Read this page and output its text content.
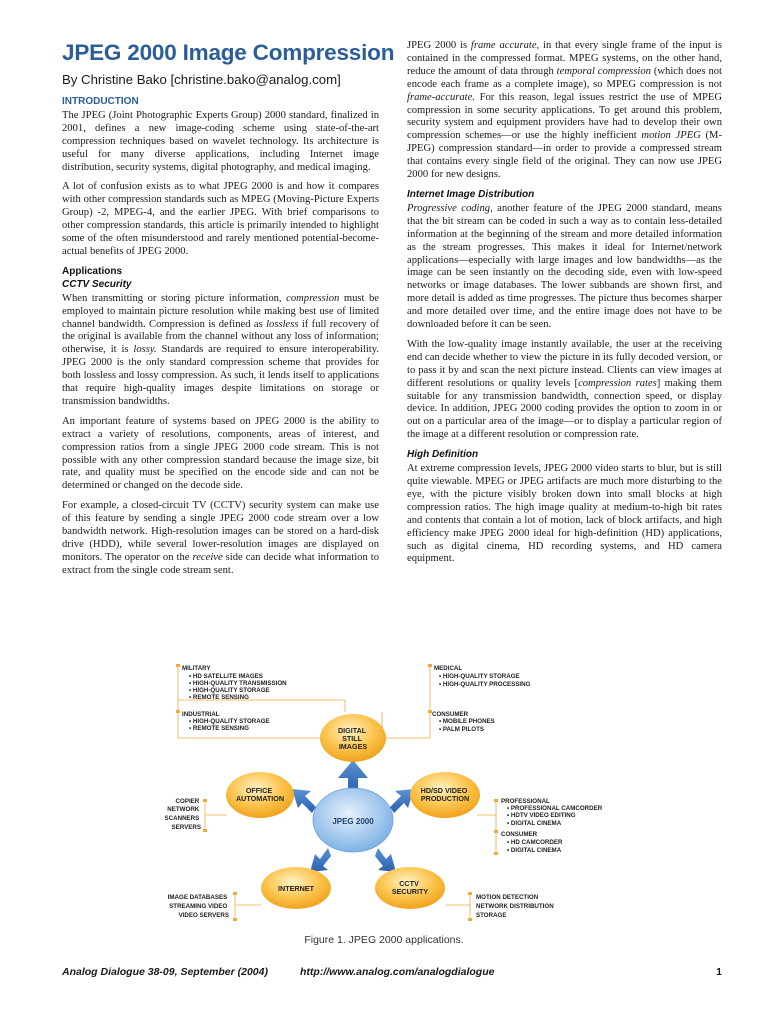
JPEG 2000 Image Compression
By Christine Bako [christine.bako@analog.com]
INTRODUCTION

The JPEG (Joint Photographic Experts Group) 2000 standard, finalized in 2001, defines a new image-coding scheme using state-of-the-art compression techniques based on wavelet technology. Its architecture is useful for many diverse applications, including Internet image distribution, security systems, digital photography, and medical imaging.

A lot of confusion exists as to what JPEG 2000 is and how it compares with other compression standards such as MPEG (Moving-Picture Experts Group) -2, MPEG-4, and the earlier JPEG. With brief comparisons to other compression standards, this article is primarily intended to highlight some of the often misunderstood and rarely mentioned potential-become-actual benefits of JPEG 2000.

Applications
CCTV Security

When transmitting or storing picture information, compression must be employed to maintain picture resolution while making best use of limited channel bandwidth. Compression is defined as lossless if full recovery of the original is available from the channel without any loss of information; otherwise, it is lossy. Standards are required to ensure interoperability. JPEG 2000 is the only standard compression scheme that provides for both lossless and lossy compression. As such, it lends itself to applications that require high-quality images despite limitations on storage or transmission bandwidths.

An important feature of systems based on JPEG 2000 is the ability to extract a variety of resolutions, components, areas of interest, and compression ratios from a single JPEG 2000 code stream. This is not possible with any other compression standard because the image size, bit rate, and quality must be specified on the encode side and can not be determined or changed on the decode side.

For example, a closed-circuit TV (CCTV) security system can make use of this feature by sending a single JPEG 2000 code stream over a low bandwidth network. High-resolution images can be stored on a hard-disk drive (HDD), while several lower-resolution images are displayed on monitors. The operator on the receive side can decide what information to extract from the single code stream sent.

JPEG 2000 is frame accurate, in that every single frame of the input is contained in the compressed format. MPEG systems, on the other hand, reduce the amount of data through temporal compression (which does not encode each frame as a complete image), so MPEG compression is not frame-accurate. For this reason, legal issues restrict the use of MPEG compression in some security applications. To get around this problem, security system and equipment providers have had to develop their own compression schemes—or use the highly inefficient motion JPEG (M-JPEG) compression standard—in order to provide a compressed stream that contains every single field of the original. They can now use JPEG 2000 for new designs.

Internet Image Distribution

Progressive coding, another feature of the JPEG 2000 standard, means that the bit stream can be coded in such a way as to contain less-detailed information at the beginning of the stream and more detailed information as the stream progresses. This makes it ideal for Internet/network applications—especially with large images and low bandwidths—as the image can be seen instantly on the decoding side, even with low-speed networks or image databases. The lower subbands are shown first, and more detail is added as time progresses. The picture thus becomes sharper and more detailed over time, and the entire image does not have to be downloaded before it can be seen.

With the low-quality image instantly available, the user at the receiving end can decide whether to view the picture in its fully decoded version, or to pass it by and scan the next picture instead. Clients can view images at different resolutions or quality levels [compression rates] making them suitable for any transmission bandwidth, connection speed, or display device. In addition, JPEG 2000 coding provides the option to zoom in or out on a particular area of the image—or to display a particular region of the image at a different resolution or compression rate.

High Definition

At extreme compression levels, JPEG 2000 video starts to blur, but is still quite viewable. MPEG or JPEG artifacts are much more disturbing to the eye, with the picture visibly broken down into small blocks at high compression ratios. The high image quality at medium-to-high bit rates and contents that contain a lot of motion, lack of block artifacts, and high efficiency make JPEG 2000 ideal for high-definition (HD) applications, such as digital cinema, HD recording systems, and HD camera equipment.

JPEG 2000
DIGITAL STILL IMAGES
OFFICE AUTOMATION
HD/SD VIDEO PRODUCTION
INTERNET
CCTV SECURITY
MILITARY
• HD SATELLITE IMAGES • HIGH-QUALITY TRANSMISSION • HIGH-QUALITY STORAGE • REMOTE SENSING
INDUSTRIAL
• HIGH-QUALITY STORAGE • REMOTE SENSING
MEDICAL
• HIGH-QUALITY STORAGE • HIGH-QUALITY PROCESSING
CONSUMER
• MOBILE PHONES • PALM PILOTS
COPIER NETWORK SCANNERS SERVERS
PROFESSIONAL
• PROFESSIONAL CAMCORDER • HDTV VIDEO EDITING • DIGITAL CINEMA
CONSUMER
• HD CAMCORDER • DIGITAL CINEMA
IMAGE DATABASES STREAMING VIDEO VIDEO SERVERS
MOTION DETECTION NETWORK DISTRIBUTION STORAGE
Figure 1. JPEG 2000 applications.
Analog Dialogue 38-09, September (2004)	http://www.analog.com/analogdialogue	1
